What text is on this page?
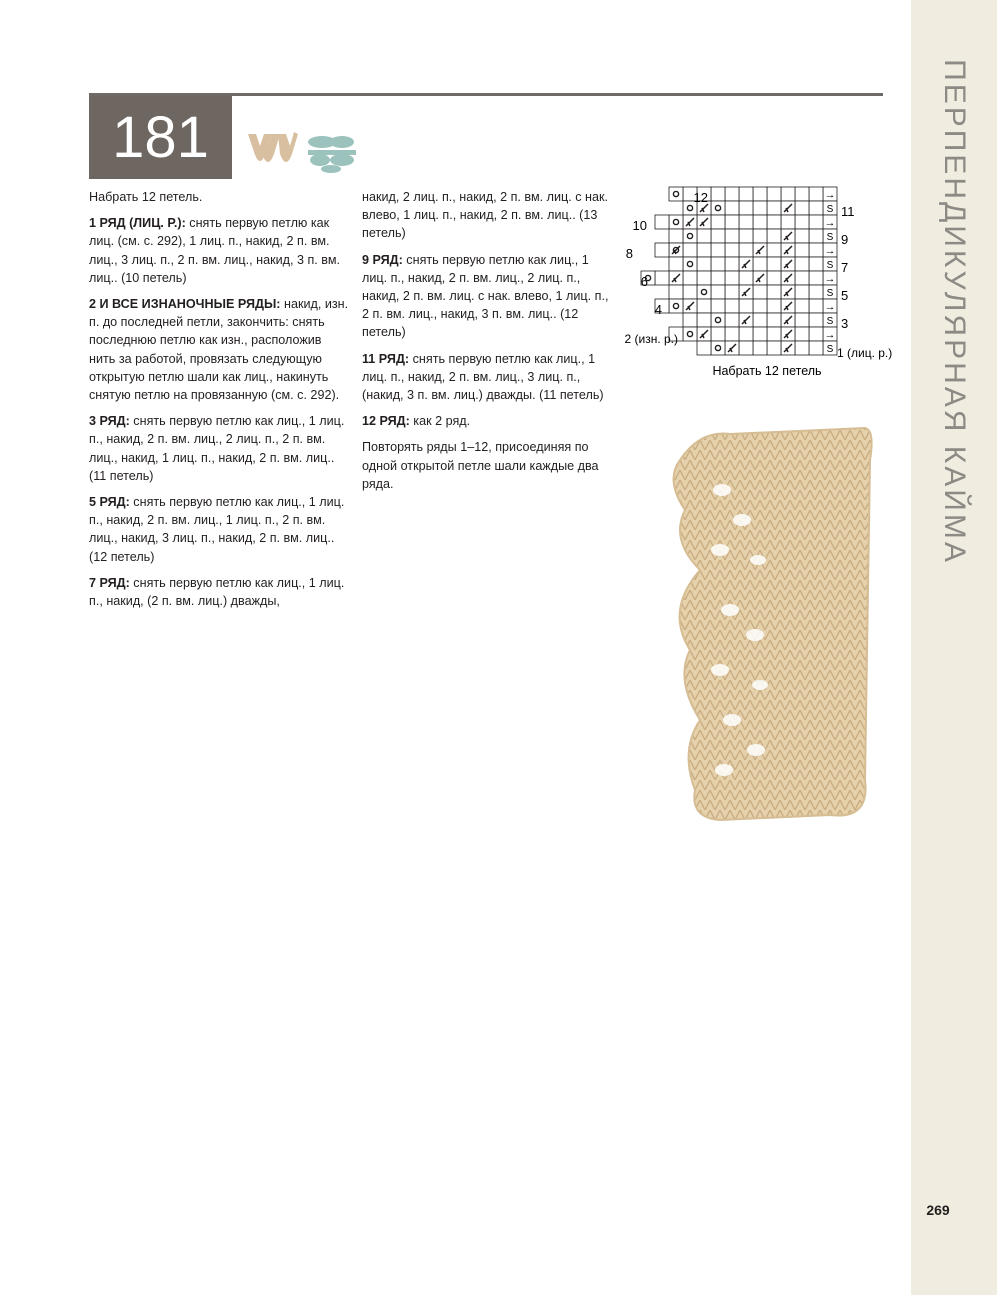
ПЕРПЕНДИКУЛЯРНАЯ КАЙМА
269
181

Набрать 12 петель.

1 РЯД (ЛИЦ. Р.): снять первую петлю как лиц. (см. с. 292), 1 лиц. п., накид, 2 п. вм. лиц., 3 лиц. п., 2 п. вм. лиц., накид, 3 п. вм. лиц.. (10 петель)

2 И ВСЕ ИЗНАНОЧНЫЕ РЯДЫ: накид, изн. п. до последней петли, закончить: снять последнюю петлю как изн., расположив нить за работой, провязать следующую открытую петлю шали как лиц., накинуть снятую петлю на провязанную (см. с. 292).

3 РЯД: снять первую петлю как лиц., 1 лиц. п., накид, 2 п. вм. лиц., 2 лиц. п., 2 п. вм. лиц., накид, 1 лиц. п., накид, 2 п. вм. лиц.. (11 петель)

5 РЯД: снять первую петлю как лиц., 1 лиц. п., накид, 2 п. вм. лиц., 1 лиц. п., 2 п. вм. лиц., накид, 3 лиц. п., накид, 2 п. вм. лиц.. (12 петель)

7 РЯД: снять первую петлю как лиц., 1 лиц. п., накид, (2 п. вм. лиц.) дважды,

накид, 2 лиц. п., накид, 2 п. вм. лиц. с нак. влево, 1 лиц. п., накид, 2 п. вм. лиц.. (13 петель)

9 РЯД: снять первую петлю как лиц., 1 лиц. п., накид, 2 п. вм. лиц., 2 лиц. п., накид, 2 п. вм. лиц. с нак. влево, 1 лиц. п., 2 п. вм. лиц., накид, 3 п. вм. лиц.. (12 петель)

11 РЯД: снять первую петлю как лиц., 1 лиц. п., накид, 2 п. вм. лиц., 3 лиц. п., (накид, 3 п. вм. лиц.) дважды. (11 петель)

12 РЯД: как 2 ряд.

Повторять ряды 1–12, присоединяя по одной открытой петле шали каждые два ряда.

→
S
→
S
→
S
→
S
→
S
→
S
12
10
8
6
4
2 (изн. р.)
11
9
7
5
3
1 (лиц. р.)
Набрать 12 петель
